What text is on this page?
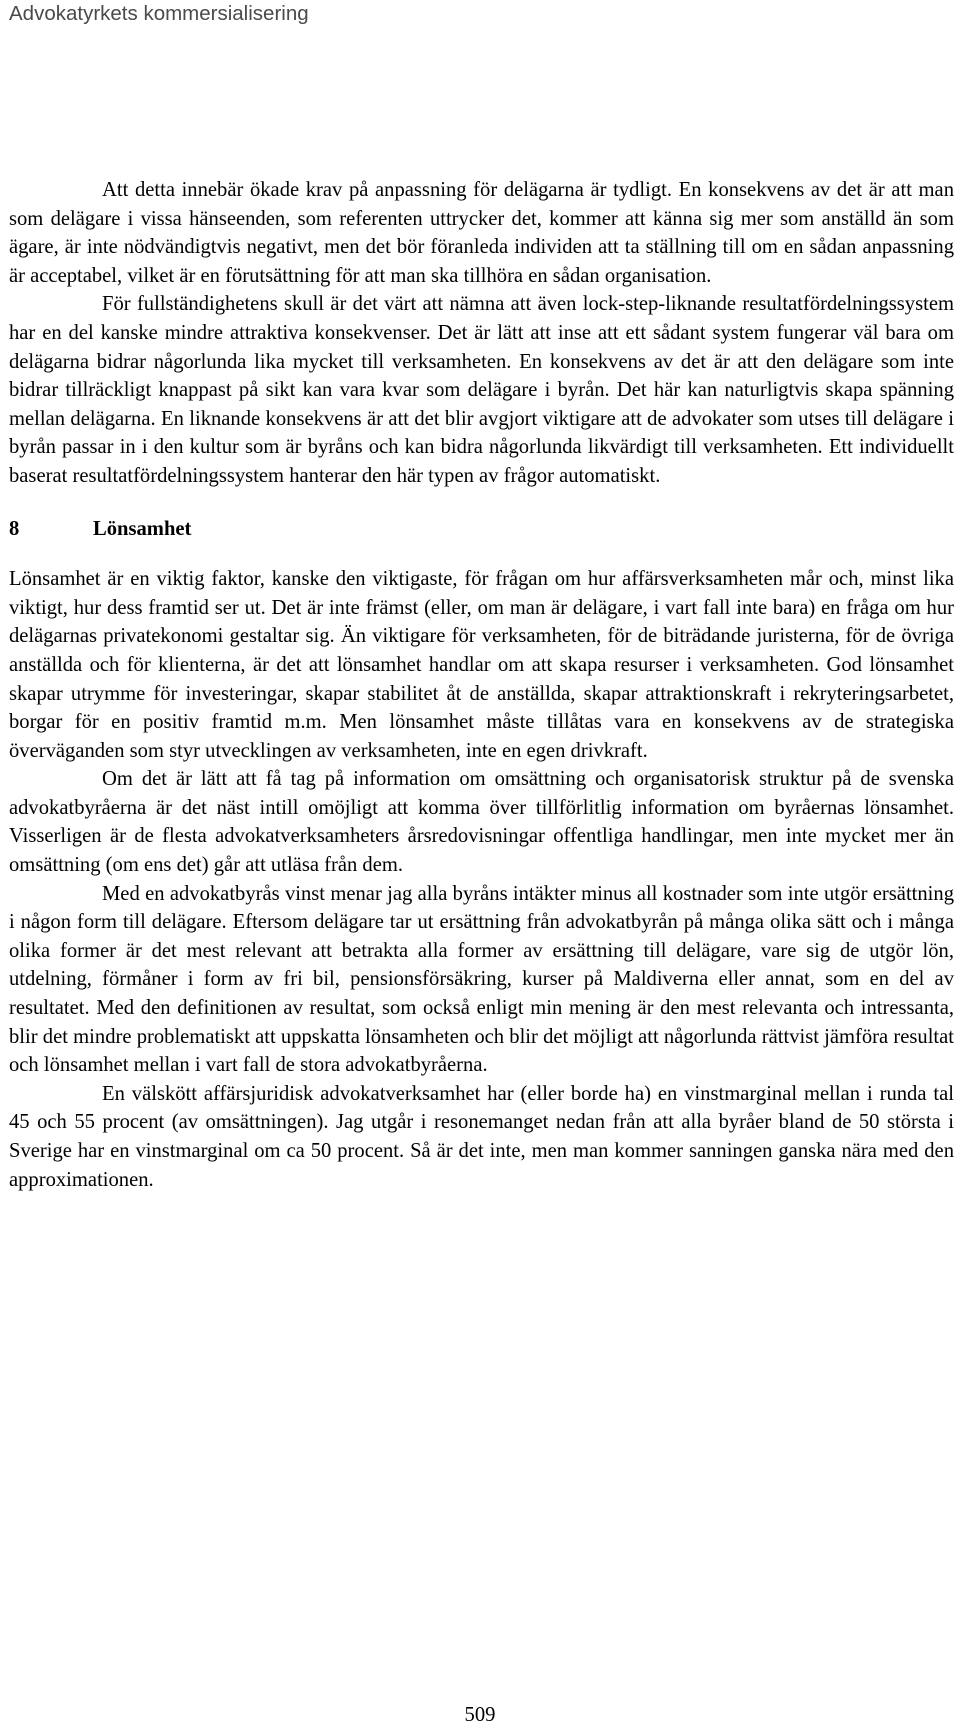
Advokatyrkets kommersialisering

Att detta innebär ökade krav på anpassning för delägarna är tydligt. En konsekvens av det är att man som delägare i vissa hänseenden, som referenten uttrycker det, kommer att känna sig mer som anställd än som ägare, är inte nödvändigtvis negativt, men det bör föranleda individen att ta ställning till om en sådan anpassning är acceptabel, vilket är en förutsättning för att man ska tillhöra en sådan organisation.

För fullständighetens skull är det värt att nämna att även lock-step-liknande resultatfördelningssystem har en del kanske mindre attraktiva konsekvenser. Det är lätt att inse att ett sådant system fungerar väl bara om delägarna bidrar någorlunda lika mycket till verksamheten. En konsekvens av det är att den delägare som inte bidrar tillräckligt knappast på sikt kan vara kvar som delägare i byrån. Det här kan naturligtvis skapa spänning mellan delägarna. En liknande konsekvens är att det blir avgjort viktigare att de advokater som utses till delägare i byrån passar in i den kultur som är byråns och kan bidra någorlunda likvärdigt till verksamheten. Ett individuellt baserat resultatfördelningssystem hanterar den här typen av frågor automatiskt.

8	Lönsamhet

Lönsamhet är en viktig faktor, kanske den viktigaste, för frågan om hur affärsverksamheten mår och, minst lika viktigt, hur dess framtid ser ut. Det är inte främst (eller, om man är delägare, i vart fall inte bara) en fråga om hur delägarnas privatekonomi gestaltar sig. Än viktigare för verksamheten, för de biträdande juristerna, för de övriga anställda och för klienterna, är det att lönsamhet handlar om att skapa resurser i verksamheten. God lönsamhet skapar utrymme för investeringar, skapar stabilitet åt de anställda, skapar attraktionskraft i rekryteringsarbetet, borgar för en positiv framtid m.m. Men lönsamhet måste tillåtas vara en konsekvens av de strategiska överväganden som styr utvecklingen av verksamheten, inte en egen drivkraft.

Om det är lätt att få tag på information om omsättning och organisatorisk struktur på de svenska advokatbyråerna är det näst intill omöjligt att komma över tillförlitlig information om byråernas lönsamhet. Visserligen är de flesta advokatverksamheters årsredovisningar offentliga handlingar, men inte mycket mer än omsättning (om ens det) går att utläsa från dem.

Med en advokatbyrås vinst menar jag alla byråns intäkter minus all kostnader som inte utgör ersättning i någon form till delägare. Eftersom delägare tar ut ersättning från advokatbyrån på många olika sätt och i många olika former är det mest relevant att betrakta alla former av ersättning till delägare, vare sig de utgör lön, utdelning, förmåner i form av fri bil, pensionsförsäkring, kurser på Maldiverna eller annat, som en del av resultatet. Med den definitionen av resultat, som också enligt min mening är den mest relevanta och intressanta, blir det mindre problematiskt att uppskatta lönsamheten och blir det möjligt att någorlunda rättvist jämföra resultat och lönsamhet mellan i vart fall de stora advokatbyråerna.

En välskött affärsjuridisk advokatverksamhet har (eller borde ha) en vinstmarginal mellan i runda tal 45 och 55 procent (av omsättningen). Jag utgår i resonemanget nedan från att alla byråer bland de 50 största i Sverige har en vinstmarginal om ca 50 procent. Så är det inte, men man kommer sanningen ganska nära med den approximationen.

509
